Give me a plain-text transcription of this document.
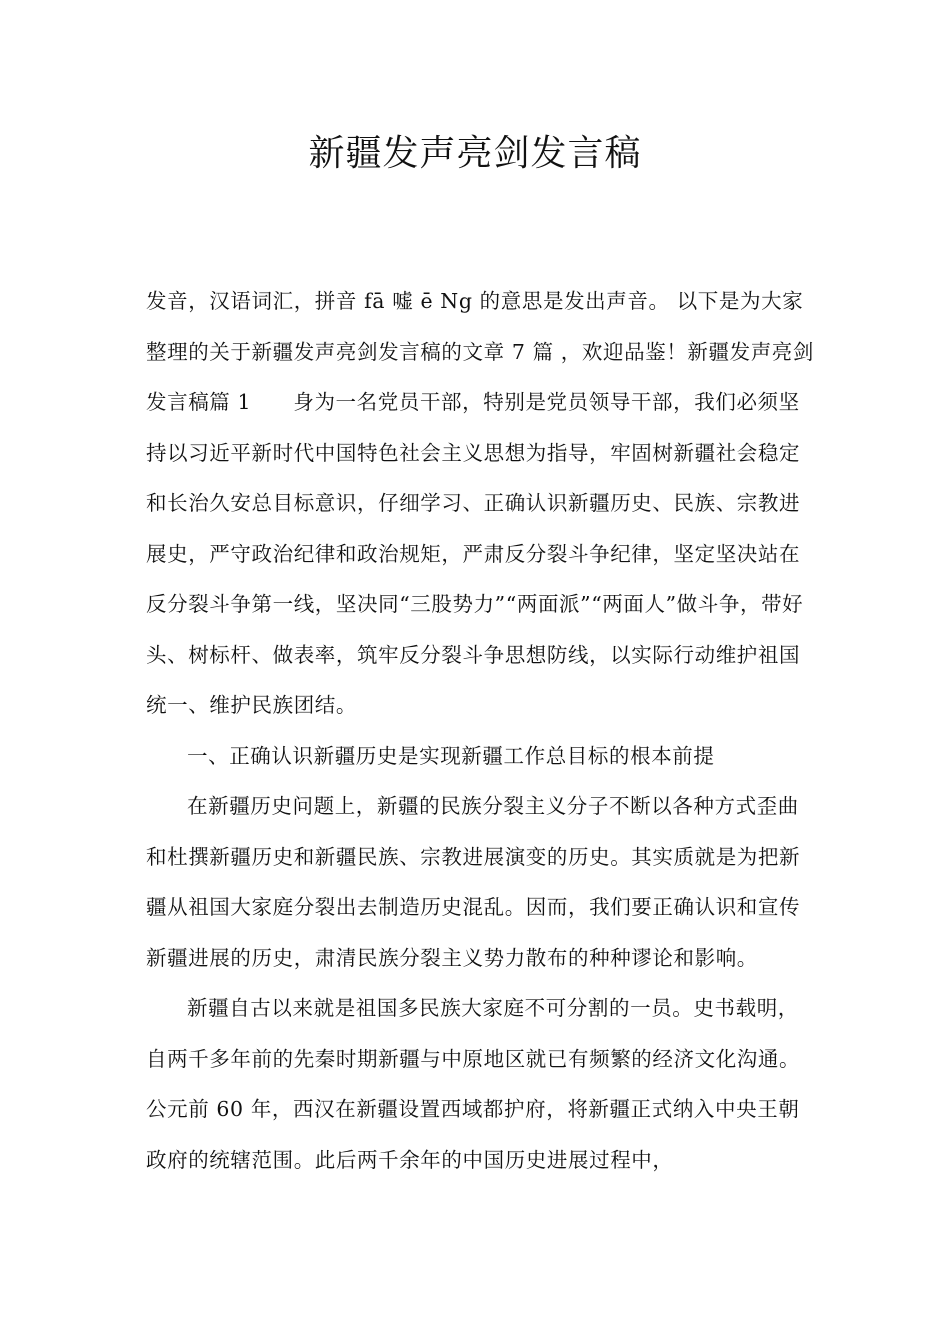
新疆发声亮剑发言稿

发音，汉语词汇，拼音 fā 嘘 ē Ng 的意思是发出声音。 以下是为大家整理的关于新疆发声亮剑发言稿的文章 7 篇 ，欢迎品鉴！新疆发声亮剑发言稿篇 1　　身为一名党员干部，特别是党员领导干部，我们必须坚持以习近平新时代中国特色社会主义思想为指导，牢固树新疆社会稳定和长治久安总目标意识，仔细学习、正确认识新疆历史、民族、宗教进展史，严守政治纪律和政治规矩，严肃反分裂斗争纪律，坚定坚决站在反分裂斗争第一线，坚决同“三股势力”“两面派”“两面人”做斗争，带好头、树标杆、做表率，筑牢反分裂斗争思想防线，以实际行动维护祖国统一、维护民族团结。

一、正确认识新疆历史是实现新疆工作总目标的根本前提

在新疆历史问题上，新疆的民族分裂主义分子不断以各种方式歪曲和杜撰新疆历史和新疆民族、宗教进展演变的历史。其实质就是为把新疆从祖国大家庭分裂出去制造历史混乱。因而，我们要正确认识和宣传新疆进展的历史，肃清民族分裂主义势力散布的种种谬论和影响。

新疆自古以来就是祖国多民族大家庭不可分割的一员。史书载明，自两千多年前的先秦时期新疆与中原地区就已有频繁的经济文化沟通。公元前 60 年，西汉在新疆设置西域都护府，将新疆正式纳入中央王朝政府的统辖范围。此后两千余年的中国历史进展过程中，
